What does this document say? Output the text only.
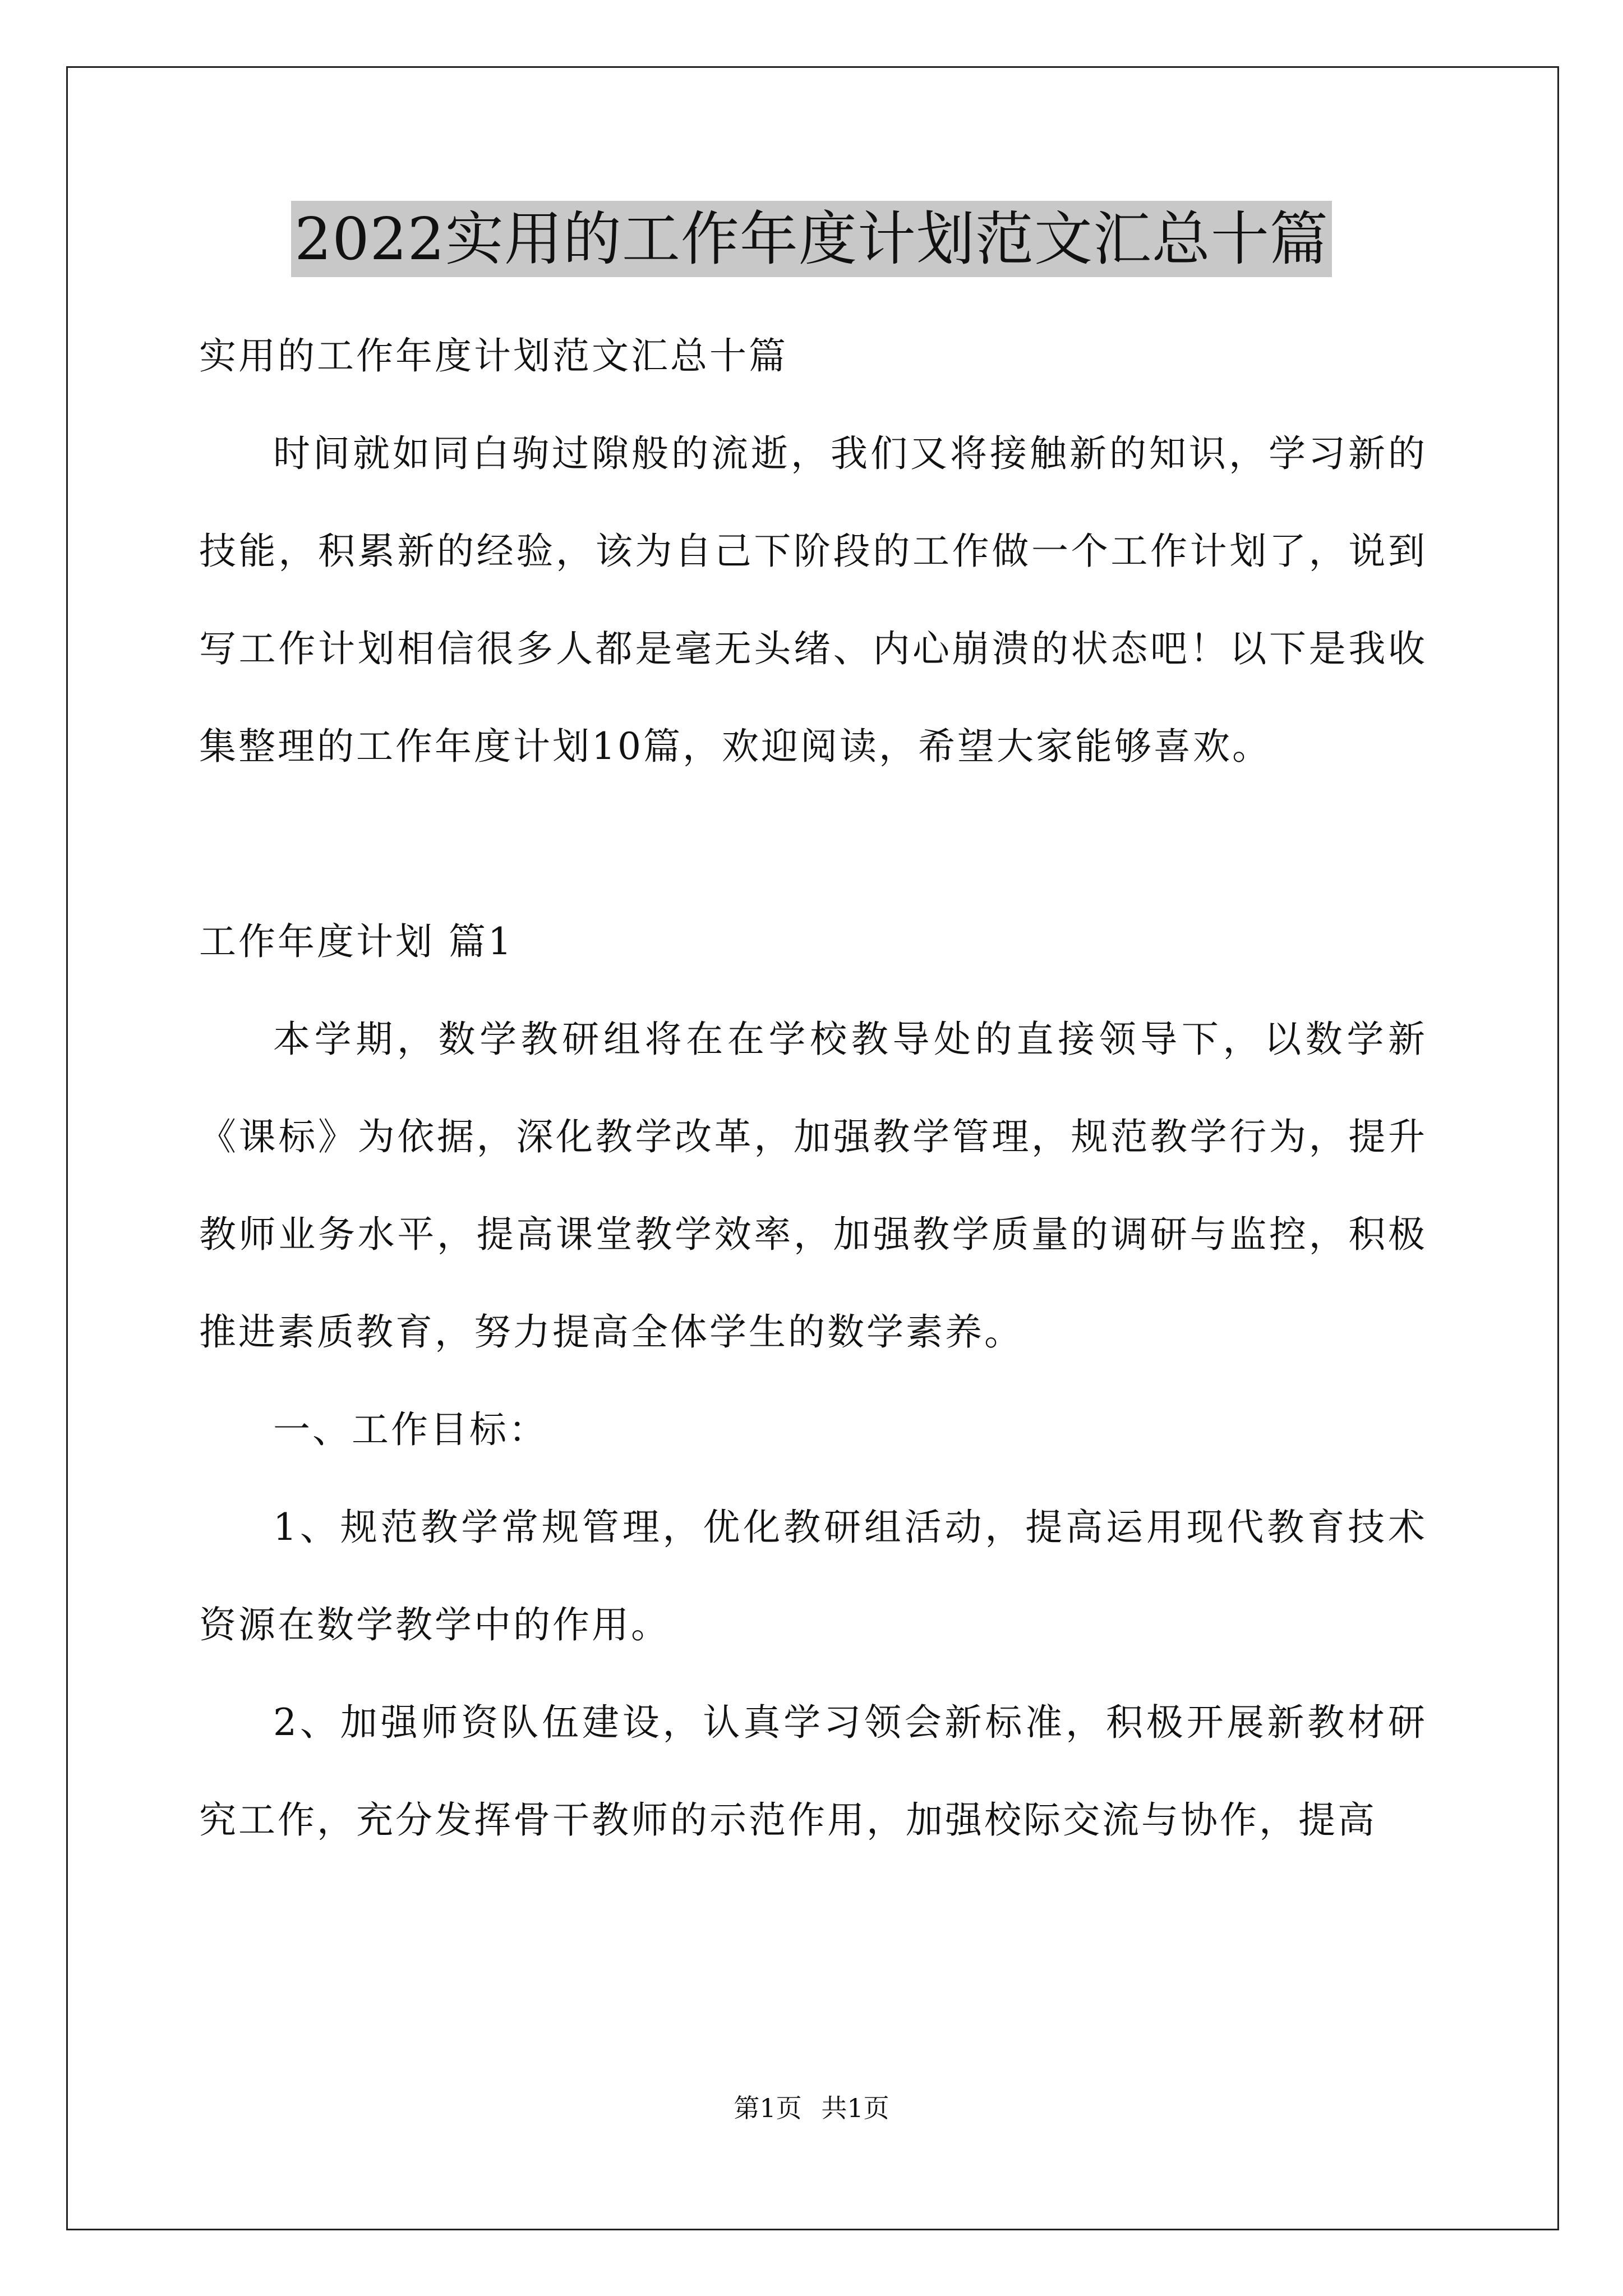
2022实用的工作年度计划范文汇总十篇

实用的工作年度计划范文汇总十篇

时间就如同白驹过隙般的流逝，我们又将接触新的知识，学习新的技能，积累新的经验，该为自己下阶段的工作做一个工作计划了，说到写工作计划相信很多人都是毫无头绪、内心崩溃的状态吧！以下是我收集整理的工作年度计划10篇，欢迎阅读，希望大家能够喜欢。

工作年度计划 篇1

本学期，数学教研组将在在学校教导处的直接领导下，以数学新《课标》为依据，深化教学改革，加强教学管理，规范教学行为，提升教师业务水平，提高课堂教学效率，加强教学质量的调研与监控，积极推进素质教育，努力提高全体学生的数学素养。

一、工作目标：

1、规范教学常规管理，优化教研组活动，提高运用现代教育技术资源在数学教学中的作用。

2、加强师资队伍建设，认真学习领会新标准，积极开展新教材研究工作，充分发挥骨干教师的示范作用，加强校际交流与协作，提高

第1页 共1页
